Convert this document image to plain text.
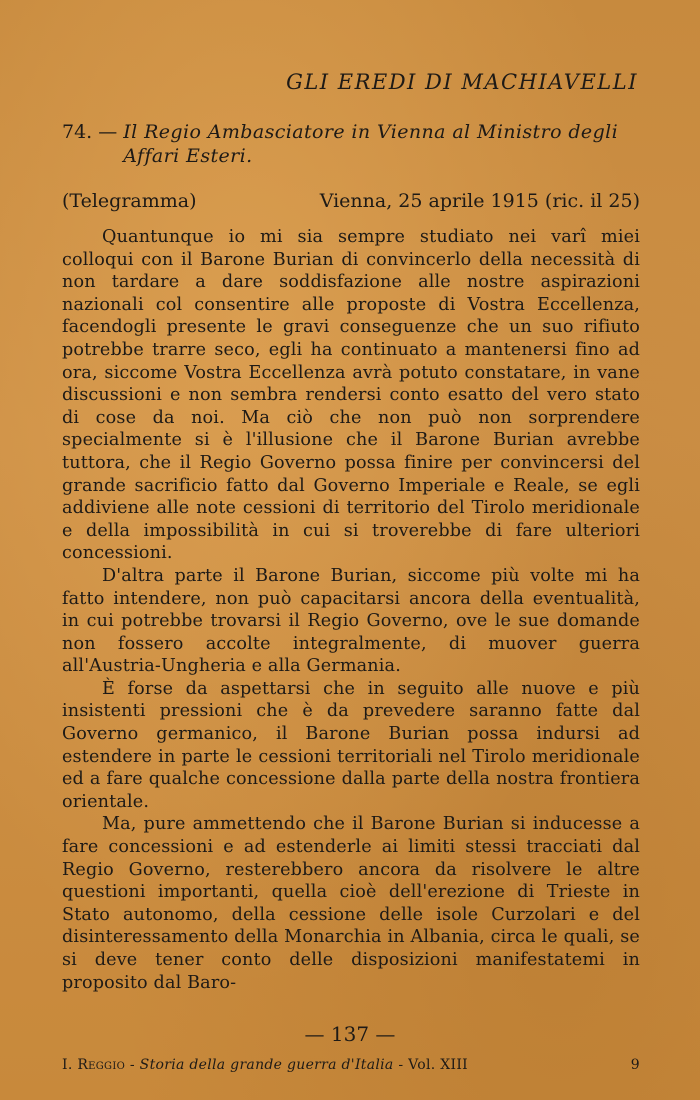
GLI EREDI DI MACHIAVELLI
74. — Il Regio Ambasciatore in Vienna al Ministro degli Affari Esteri.
(Telegramma)	Vienna, 25 aprile 1915 (ric. il 25)

Quantunque io mi sia sempre studiato nei varî miei colloqui con il Barone Burian di convincerlo della necessità di non tardare a dare soddisfazione alle nostre aspirazioni nazionali col consentire alle proposte di Vostra Eccellenza, facendogli presente le gravi conseguenze che un suo rifiuto potrebbe trarre seco, egli ha continuato a mantenersi fino ad ora, siccome Vostra Eccellenza avrà potuto constatare, in vane discussioni e non sembra rendersi conto esatto del vero stato di cose da noi. Ma ciò che non può non sorprendere specialmente si è l'illusione che il Barone Burian avrebbe tuttora, che il Regio Governo possa finire per convincersi del grande sacrificio fatto dal Governo Imperiale e Reale, se egli addiviene alle note cessioni di territorio del Tirolo meridionale e della impossibilità in cui si troverebbe di fare ulteriori concessioni.

D'altra parte il Barone Burian, siccome più volte mi ha fatto intendere, non può capacitarsi ancora della eventualità, in cui potrebbe trovarsi il Regio Governo, ove le sue domande non fossero accolte integralmente, di muover guerra all'Austria-Ungheria e alla Germania.

È forse da aspettarsi che in seguito alle nuove e più insistenti pressioni che è da prevedere saranno fatte dal Governo germanico, il Barone Burian possa indursi ad estendere in parte le cessioni territoriali nel Tirolo meridionale ed a fare qualche concessione dalla parte della nostra frontiera orientale.

Ma, pure ammettendo che il Barone Burian si inducesse a fare concessioni e ad estenderle ai limiti stessi tracciati dal Regio Governo, resterebbero ancora da risolvere le altre questioni importanti, quella cioè dell'erezione di Trieste in Stato autonomo, della cessione delle isole Curzolari e del disinteressamento della Monarchia in Albania, circa le quali, se si deve tener conto delle disposizioni manifestatemi in proposito dal Baro-

— 137 —
I. Reggio - Storia della grande guerra d'Italia - Vol. XIII	9
